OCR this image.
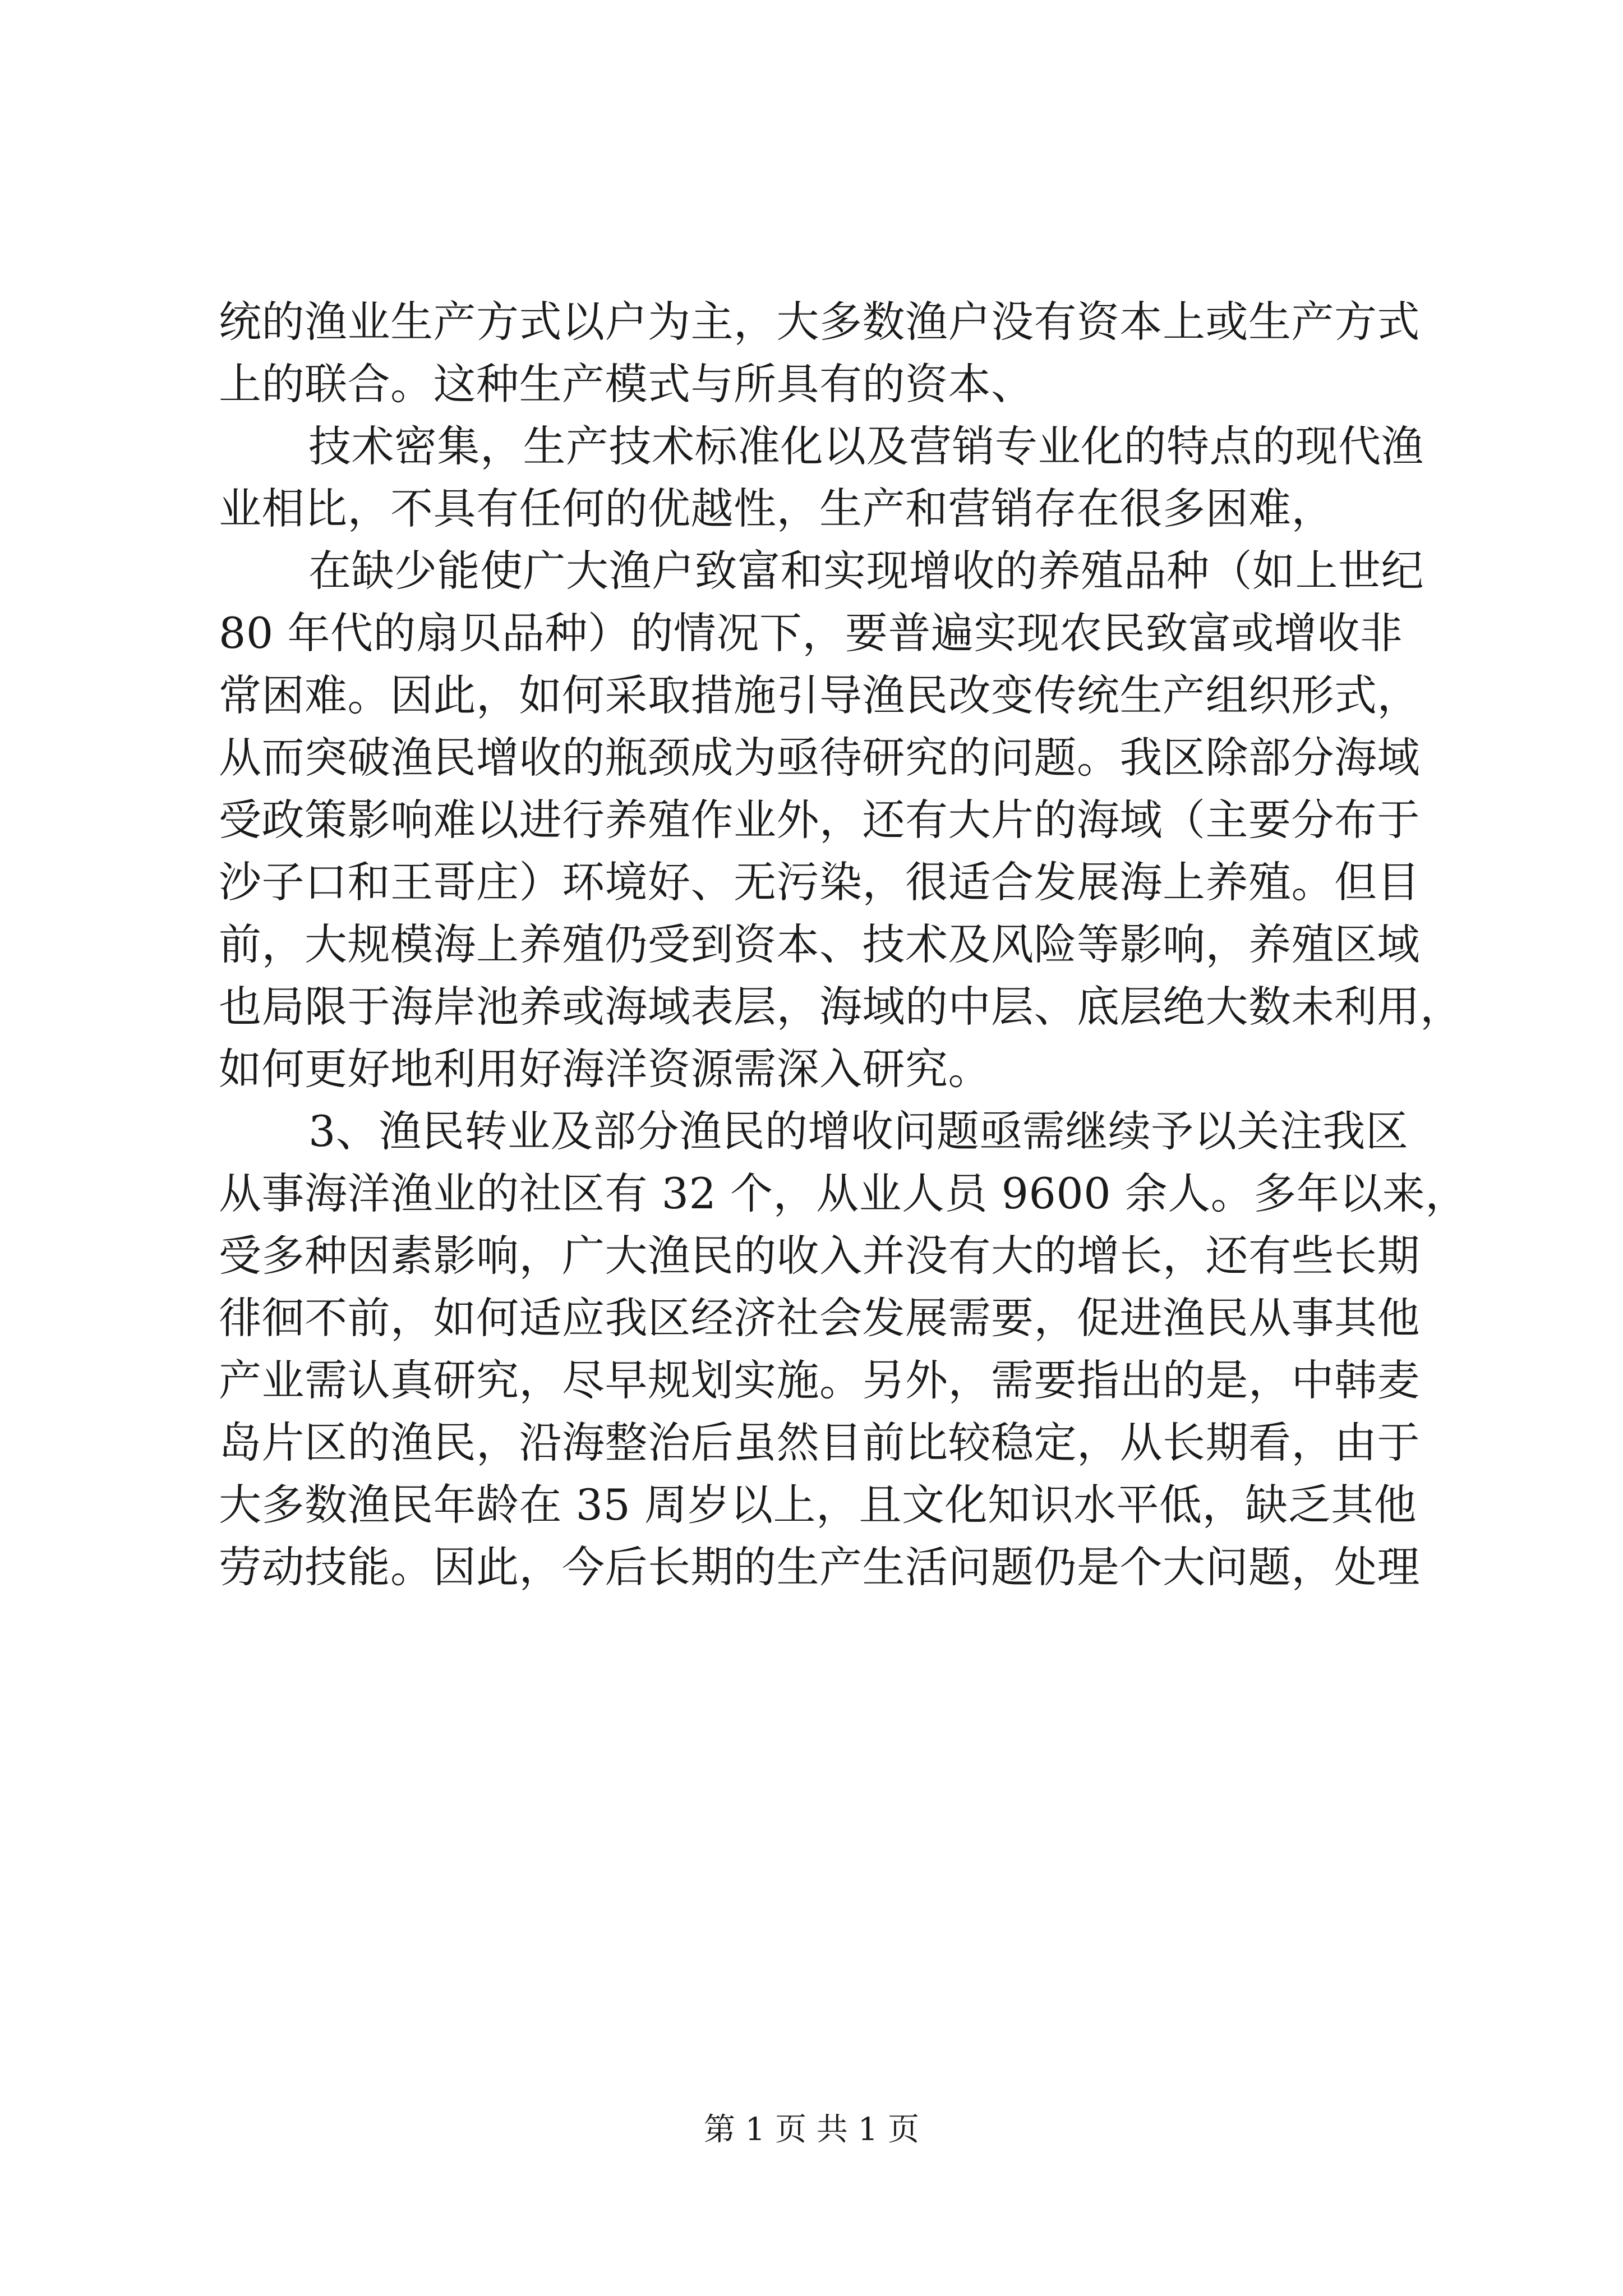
统的渔业生产方式以户为主，大多数渔户没有资本上或生产方式
上的联合。这种生产模式与所具有的资本、
技术密集，生产技术标准化以及营销专业化的特点的现代渔
业相比，不具有任何的优越性，生产和营销存在很多困难，
在缺少能使广大渔户致富和实现增收的养殖品种（如上世纪
80 年代的扇贝品种）的情况下，要普遍实现农民致富或增收非
常困难。因此，如何采取措施引导渔民改变传统生产组织形式，
从而突破渔民增收的瓶颈成为亟待研究的问题。我区除部分海域
受政策影响难以进行养殖作业外，还有大片的海域（主要分布于
沙子口和王哥庄）环境好、无污染，很适合发展海上养殖。但目
前，大规模海上养殖仍受到资本、技术及风险等影响，养殖区域
也局限于海岸池养或海域表层，海域的中层、底层绝大数未利用，
如何更好地利用好海洋资源需深入研究。
3、渔民转业及部分渔民的增收问题亟需继续予以关注我区
从事海洋渔业的社区有 32 个，从业人员 9600 余人。多年以来，
受多种因素影响，广大渔民的收入并没有大的增长，还有些长期
徘徊不前，如何适应我区经济社会发展需要，促进渔民从事其他
产业需认真研究，尽早规划实施。另外，需要指出的是，中韩麦
岛片区的渔民，沿海整治后虽然目前比较稳定，从长期看，由于
大多数渔民年龄在 35 周岁以上，且文化知识水平低，缺乏其他
劳动技能。因此，今后长期的生产生活问题仍是个大问题，处理
第 1 页 共 1 页
